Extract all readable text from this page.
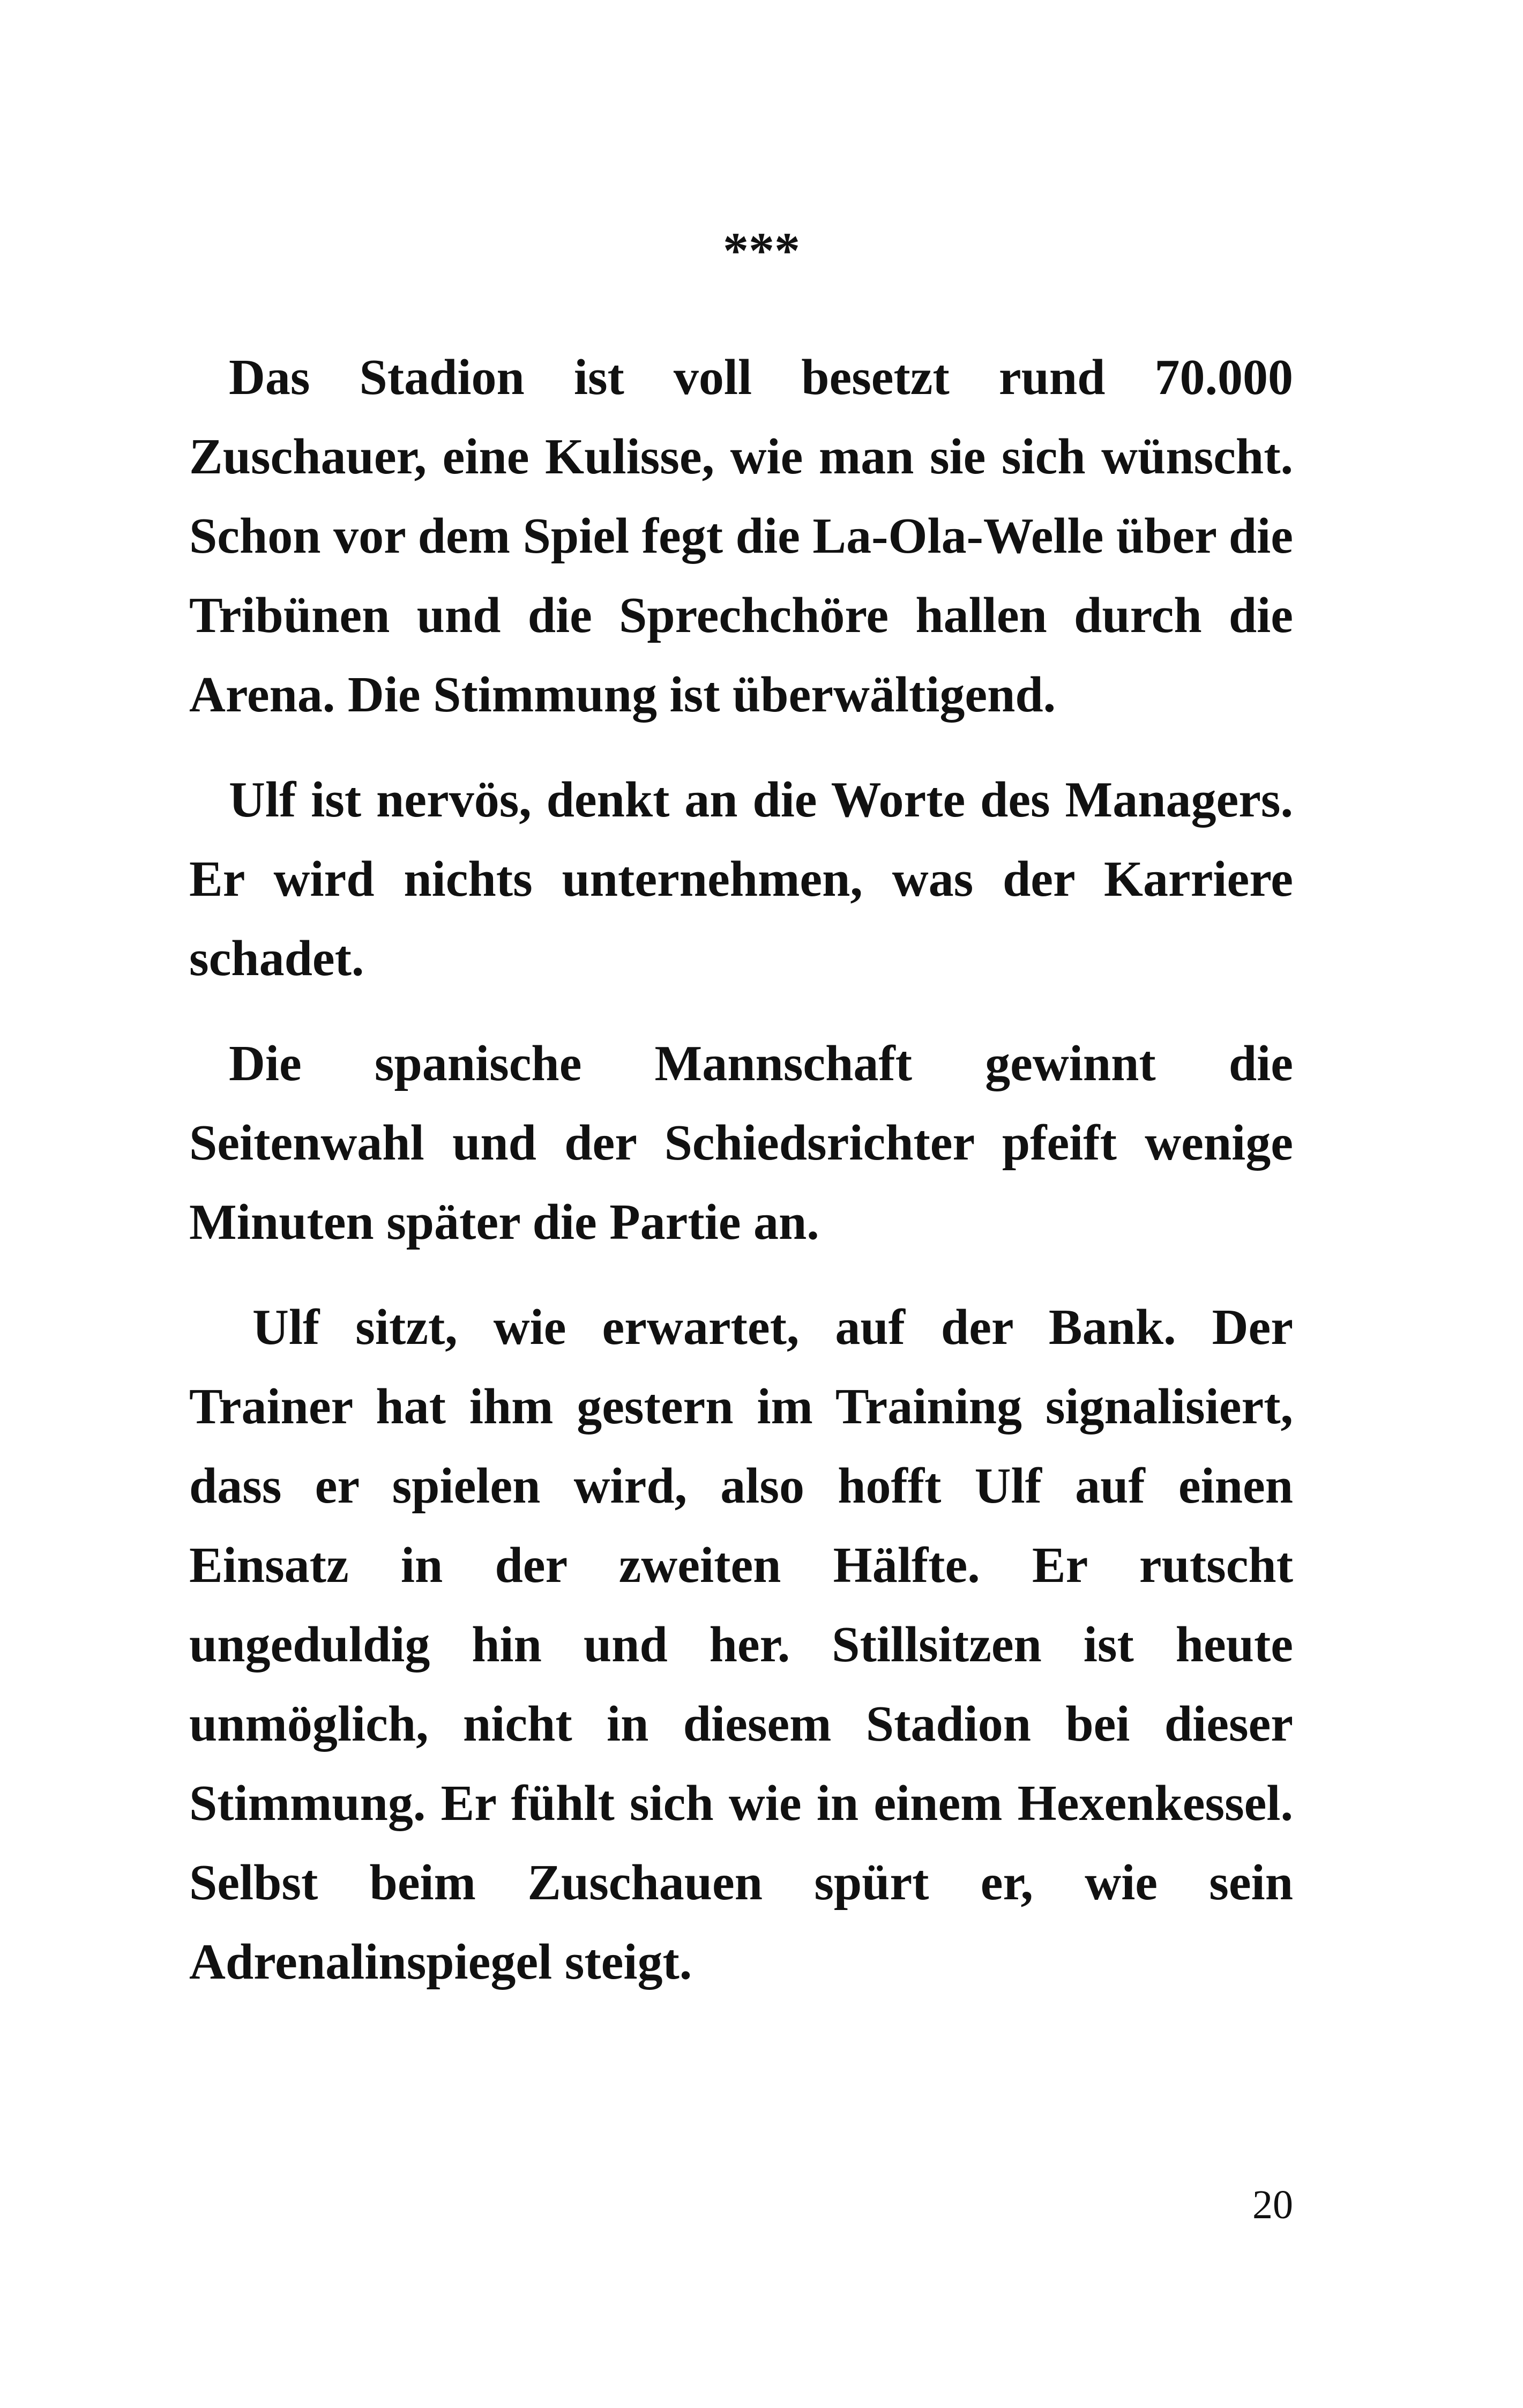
***

Das Stadion ist voll besetzt rund 70.000 Zuschauer, eine Kulisse, wie man sie sich wünscht. Schon vor dem Spiel fegt die La-Ola-Welle über die Tribünen und die Sprechchöre hallen durch die Arena. Die Stimmung ist überwältigend.

Ulf ist nervös, denkt an die Worte des Managers. Er wird nichts unternehmen, was der Karriere schadet.

Die spanische Mannschaft gewinnt die Seitenwahl und der Schiedsrichter pfeift wenige Minuten später die Partie an.

Ulf sitzt, wie erwartet, auf der Bank. Der Trainer hat ihm gestern im Training signalisiert, dass er spielen wird, also hofft Ulf auf einen Einsatz in der zweiten Hälfte. Er rutscht ungeduldig hin und her. Stillsitzen ist heute unmöglich, nicht in diesem Stadion bei dieser Stimmung. Er fühlt sich wie in einem Hexenkessel. Selbst beim Zuschauen spürt er, wie sein Adrenalinspiegel steigt.

20
